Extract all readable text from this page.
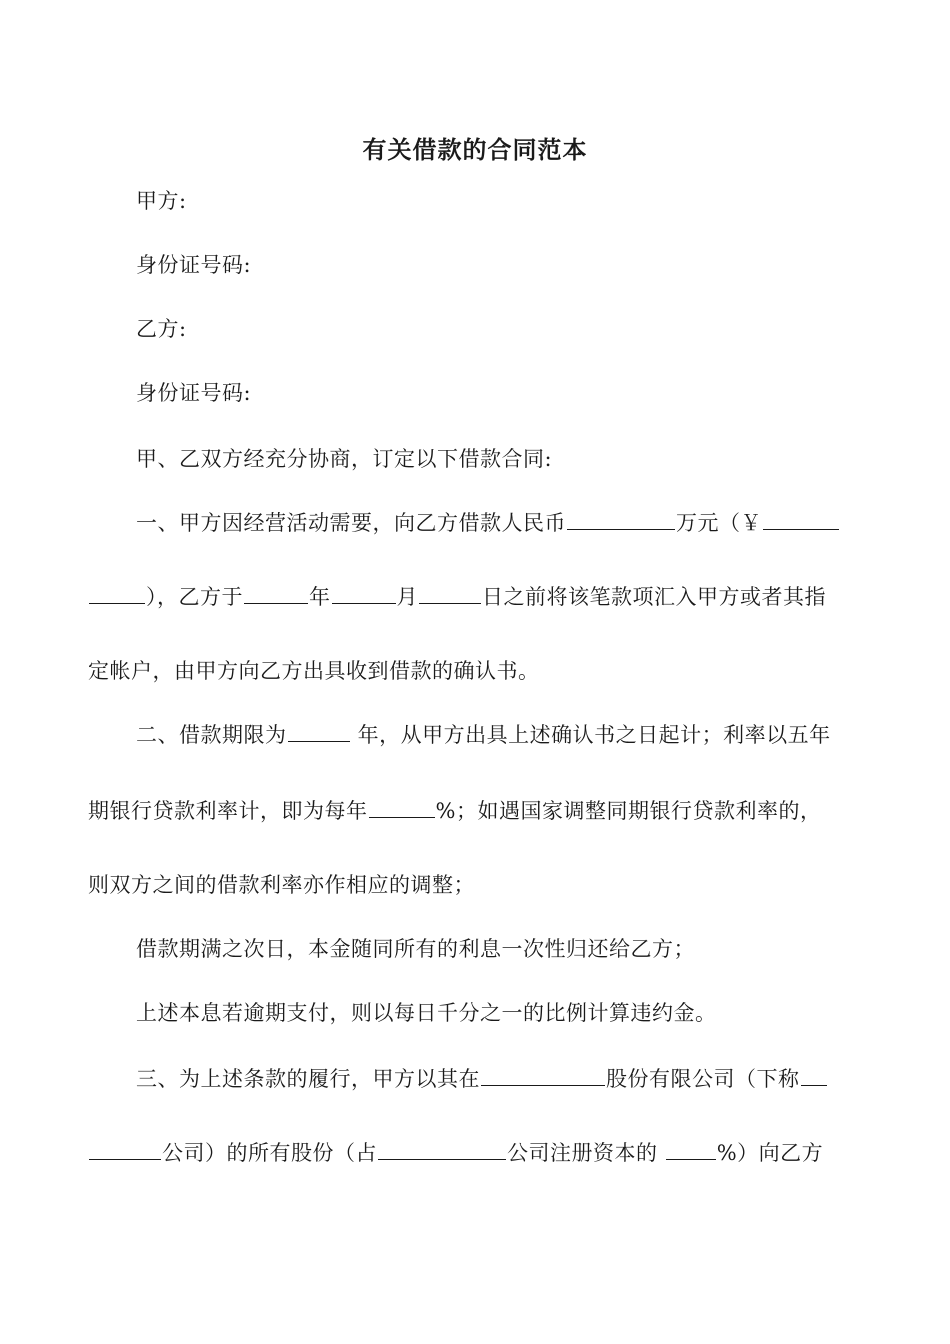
有关借款的合同范本
甲方:
身份证号码:
乙方:
身份证号码:
甲、乙双方经充分协商，订定以下借款合同:
一、甲方因经营活动需要，向乙方借款人民币	万元（￥
），乙方于	年	月	日之前将该笔款项汇入甲方或者其指
定帐户，由甲方向乙方出具收到借款的确认书。
二、借款期限为	年，从甲方出具上述确认书之日起计；利率以五年
期银行贷款利率计，即为每年	%；如遇国家调整同期银行贷款利率的，
则双方之间的借款利率亦作相应的调整；
借款期满之次日，本金随同所有的利息一次性归还给乙方；
上述本息若逾期支付，则以每日千分之一的比例计算违约金。
三、为上述条款的履行，甲方以其在	股份有限公司（下称
公司）的所有股份（占	公司注册资本的 %）向乙方
